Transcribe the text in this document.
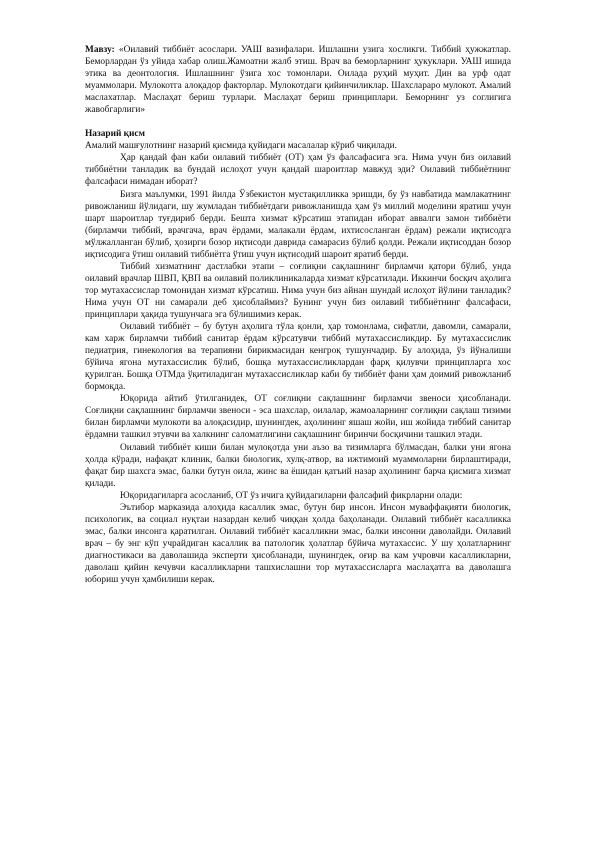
Мавзу: «Оилавий тиббиёт асослари. УАШ вазифалари. Ишлашни узига хосликги. Тиббий ҳужжатлар. Беморлардан ўз уйида хабар олиш.Жамоатни жалб этиш. Врач ва беморларнинг ҳукуклари. УАШ ишида этика ва деонтология. Ишлашнинг ўзига хос томонлари. Оилада руҳий муҳит. Дин ва урф одат муаммолари. Мулокотга алоқадор факторлар. Мулокотдаги қийинчиликлар. Шахслараро мулокот. Амалий маслахатлар. Маслаҳат бериш турлари. Маслаҳат бериш принциплари. Беморнинг уз соглигига жавобгарлиги»

Назарий қисм

Амалий машғулотнинг назарий қисмида қуйидаги масалалар кўриб чиқилади.

Ҳар қандай фан каби оилавий тиббиёт (ОТ) ҳам ўз фалсафасига эга. Нима учун биз оилавий тиббиётни танладик ва бундай ислоҳот учун қандай шароитлар мавжуд эди? Оилавий тиббиётнинг фалсафаси нимадан иборат?

Бизга маълумки, 1991 йилда Ўзбекистон мустақилликка эришди, бу ўз навбатида мамлакатнинг ривожланиш йўлидаги, шу жумладан тиббиётдаги ривожланишда ҳам ўз миллий моделини яратиш учун шарт шароитлар туғдириб берди. Бешта хизмат кўрсатиш этапидан иборат аввалги замон тиббиёти (бирламчи тиббий, врачгача, врач ёрдами, малакали ёрдам, ихтисосланган ёрдам) режали иқтисодга мўлжалланган бўлиб, ҳозирги бозор иқтисоди даврида самарасиз бўлиб қолди. Режали иқтисоддан бозор иқтисодига ўтиш оилавий тиббиётга ўтиш учун иқтисодий шароит яратиб берди.

Тиббий хизматнинг дастлабки этапи – соғлиқни сақлашнинг бирламчи қатори бўлиб, унда оилавий врачлар ШВП, ҚВП ва оилавий поликлиникаларда хизмат кўрсатилади. Иккинчи босқич аҳолига тор мутахассислар томонидан хизмат кўрсатиш. Нима учун биз айнан шундай ислоҳот йўлини танладик? Нима учун ОТ ни самарали деб ҳисоблаймиз? Бунинг учун биз оилавий тиббиётнинг фалсафаси, принциплари ҳақида тушунчага эга бўлишимиз керак.

Оилавий тиббиёт – бу бутун аҳолига тўла қонли, ҳар томонлама, сифатли, давомли, самарали, кам харж бирламчи тиббий санитар ёрдам кўрсатувчи тиббий мутахассисликдир. Бу мутахассислик педиатрия, гинекология ва терапияни бирикмасидан кенгроқ тушунчадир. Бу алоҳида, ўз йўналиши бўйича ягона мутахассислик бўлиб, бошқа мутахассисликлардан фарқ қилувчи принципларга хос қурилган. Бошқа ОТМда ўқитиладиган мутахассисликлар каби бу тиббиёт фани ҳам доимий ривожланиб бормоқда.

Юқорида айтиб ўтилганидек, ОТ соғлиқни сақлашнинг бирламчи звеноси ҳисобланади. Соғлиқни сақлашнинг бирламчи звеноси - эса шахслар, оилалар, жамоаларнинг соғлиқни сақлаш тизими билан бирламчи мулокоти ва алоқасидир, шунингдек, аҳолининг яшаш жойи, иш жойида тиббий санитар ёрдамни ташкил этувчи ва халкнинг саломатлигини сақлашнинг биринчи босқичини ташкил этади.

Оилавий тиббиёт киши билан мулоқотда уни аъзо ва тизимларга бўлмасдан, балки уни ягона ҳолда кўради, нафақат клиник, балки биологик, хулқ-атвор, ва ижтимоий муаммоларни бирлаштиради, фақат бир шахсга эмас, балки бутун оила, жинс ва ёшидан қатъий назар аҳолининг барча қисмига хизмат қилади.

Юқоридагиларга асосланиб, ОТ ўз ичига қуйидагиларни фалсафий фикрларни олади:

Эътибор марказида алоҳида касаллик эмас, бутун бир инсон. Инсон муваффақияти биологик, психологик, ва социал нуқтаи назардан келиб чиққан ҳолда баҳоланади. Оилавий тиббиёт касалликка эмас, балки инсонга қаратилган. Оилавий тиббиёт касалликни эмас, балки инсонни даволайди. Оилавий врач – бу энг кўп учрайдиган касаллик ва патологик ҳолатлар бўйича мутахассис. У шу ҳолатларнинг диагностикаси ва даволашида эксперти ҳисобланади, шунингдек, оғир ва кам учровчи касалликларни, даволаш қийин кечувчи касалликларни ташхислашни тор мутахассисларга маслаҳатга ва даволашга юбориш учун ҳамбилиши керак.
